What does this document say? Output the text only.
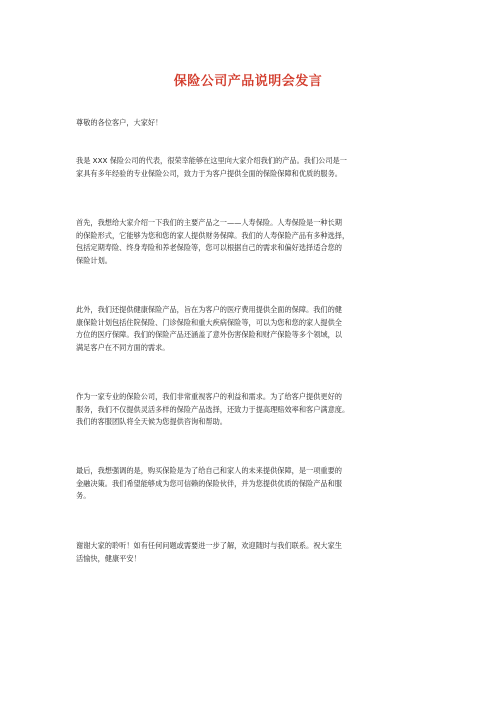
保险公司产品说明会发言

尊敬的各位客户，大家好！

我是 XXX 保险公司的代表，很荣幸能够在这里向大家介绍我们的产品。我们公司是一
家具有多年经验的专业保险公司，致力于为客户提供全面的保险保障和优质的服务。

首先，我想给大家介绍一下我们的主要产品之一——人寿保险。人寿保险是一种长期
的保险形式，它能够为您和您的家人提供财务保障。我们的人寿保险产品有多种选择，
包括定期寿险、终身寿险和养老保险等，您可以根据自己的需求和偏好选择适合您的
保险计划。

此外，我们还提供健康保险产品，旨在为客户的医疗费用提供全面的保障。我们的健
康保险计划包括住院保险、门诊保险和重大疾病保险等，可以为您和您的家人提供全
方位的医疗保障。我们的保险产品还涵盖了意外伤害保险和财产保险等多个领域，以
满足客户在不同方面的需求。

作为一家专业的保险公司，我们非常重视客户的利益和需求。为了给客户提供更好的
服务，我们不仅提供灵活多样的保险产品选择，还致力于提高理赔效率和客户满意度。
我们的客服团队将全天候为您提供咨询和帮助。

最后，我想强调的是，购买保险是为了给自己和家人的未来提供保障，是一项重要的
金融决策。我们希望能够成为您可信赖的保险伙伴，并为您提供优质的保险产品和服
务。

谢谢大家的聆听！如有任何问题或需要进一步了解，欢迎随时与我们联系。祝大家生
活愉快，健康平安！
